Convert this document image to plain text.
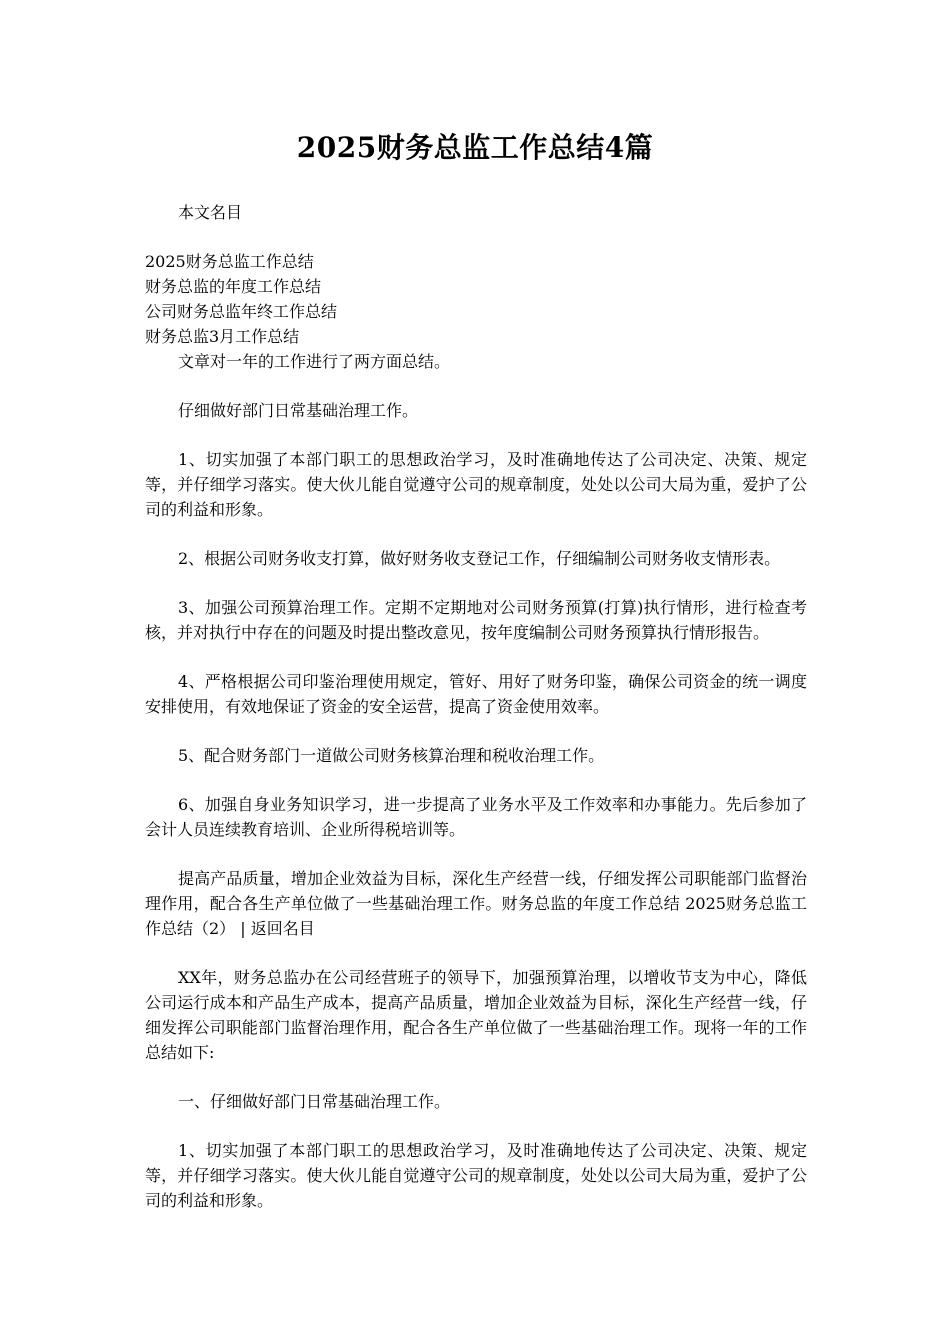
2025财务总监工作总结4篇

本文名目

2025财务总监工作总结

财务总监的年度工作总结

公司财务总监年终工作总结

财务总监3月工作总结

文章对一年的工作进行了两方面总结。

仔细做好部门日常基础治理工作。

1、切实加强了本部门职工的思想政治学习，及时准确地传达了公司决定、决策、规定等，并仔细学习落实。使大伙儿能自觉遵守公司的规章制度，处处以公司大局为重，爱护了公司的利益和形象。

2、根据公司财务收支打算，做好财务收支登记工作，仔细编制公司财务收支情形表。

3、加强公司预算治理工作。定期不定期地对公司财务预算(打算)执行情形，进行检查考核，并对执行中存在的问题及时提出整改意见，按年度编制公司财务预算执行情形报告。

4、严格根据公司印鉴治理使用规定，管好、用好了财务印鉴，确保公司资金的统一调度安排使用，有效地保证了资金的安全运营，提高了资金使用效率。

5、配合财务部门一道做公司财务核算治理和税收治理工作。

6、加强自身业务知识学习，进一步提高了业务水平及工作效率和办事能力。先后参加了会计人员连续教育培训、企业所得税培训等。

提高产品质量，增加企业效益为目标，深化生产经营一线，仔细发挥公司职能部门监督治理作用，配合各生产单位做了一些基础治理工作。财务总监的年度工作总结 2025财务总监工作总结（2） | 返回名目

XX年，财务总监办在公司经营班子的领导下，加强预算治理，以增收节支为中心，降低公司运行成本和产品生产成本，提高产品质量，增加企业效益为目标，深化生产经营一线，仔细发挥公司职能部门监督治理作用，配合各生产单位做了一些基础治理工作。现将一年的工作总结如下:

一、仔细做好部门日常基础治理工作。

1、切实加强了本部门职工的思想政治学习，及时准确地传达了公司决定、决策、规定等，并仔细学习落实。使大伙儿能自觉遵守公司的规章制度，处处以公司大局为重，爱护了公司的利益和形象。
